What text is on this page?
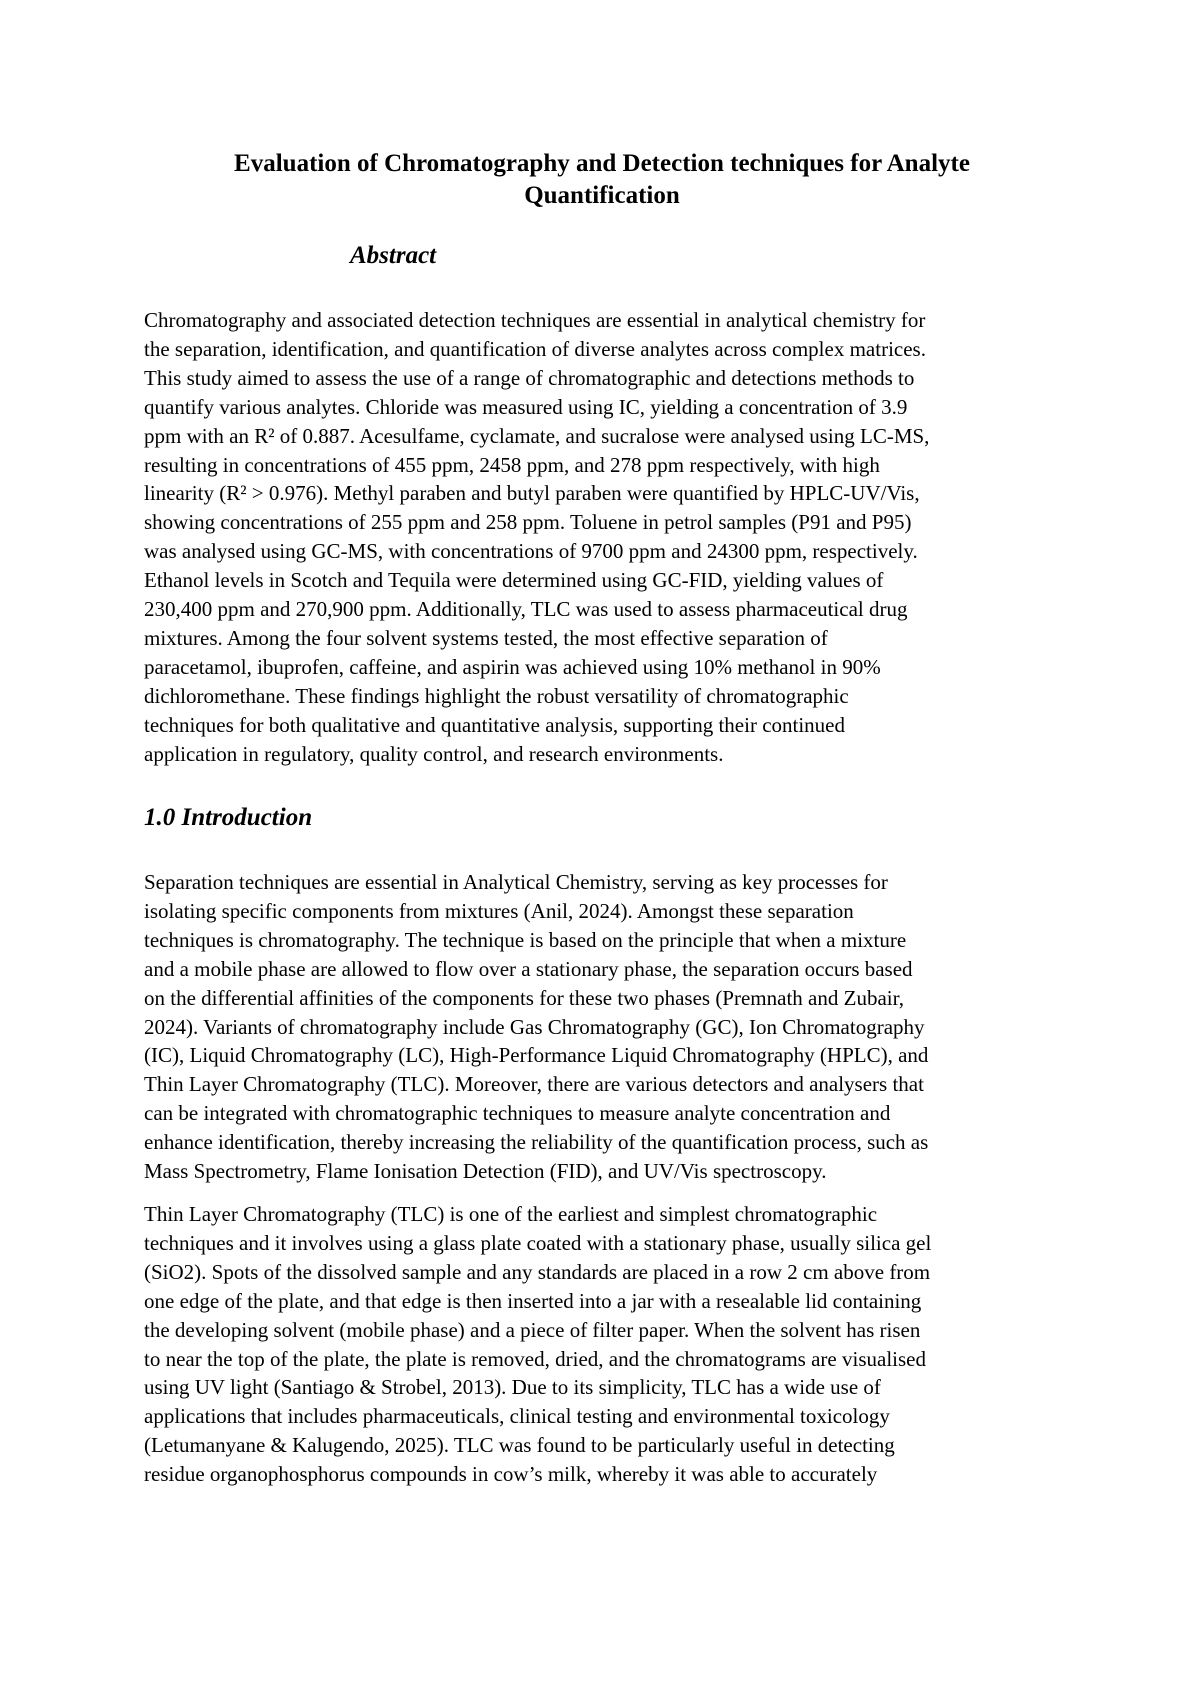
Evaluation of Chromatography and Detection techniques for Analyte
Quantification
Abstract

Chromatography and associated detection techniques are essential in analytical chemistry for
the separation, identification, and quantification of diverse analytes across complex matrices.
This study aimed to assess the use of a range of chromatographic and detections methods to
quantify various analytes. Chloride was measured using IC, yielding a concentration of 3.9
ppm with an R² of 0.887. Acesulfame, cyclamate, and sucralose were analysed using LC-MS,
resulting in concentrations of 455 ppm, 2458 ppm, and 278 ppm respectively, with high
linearity (R² > 0.976). Methyl paraben and butyl paraben were quantified by HPLC-UV/Vis,
showing concentrations of 255 ppm and 258 ppm. Toluene in petrol samples (P91 and P95)
was analysed using GC-MS, with concentrations of 9700 ppm and 24300 ppm, respectively.
Ethanol levels in Scotch and Tequila were determined using GC-FID, yielding values of
230,400 ppm and 270,900 ppm. Additionally, TLC was used to assess pharmaceutical drug
mixtures. Among the four solvent systems tested, the most effective separation of
paracetamol, ibuprofen, caffeine, and aspirin was achieved using 10% methanol in 90%
dichloromethane. These findings highlight the robust versatility of chromatographic
techniques for both qualitative and quantitative analysis, supporting their continued
application in regulatory, quality control, and research environments.

1.0 Introduction

Separation techniques are essential in Analytical Chemistry, serving as key processes for
isolating specific components from mixtures (Anil, 2024). Amongst these separation
techniques is chromatography. The technique is based on the principle that when a mixture
and a mobile phase are allowed to flow over a stationary phase, the separation occurs based
on the differential affinities of the components for these two phases (Premnath and Zubair,
2024). Variants of chromatography include Gas Chromatography (GC), Ion Chromatography
(IC), Liquid Chromatography (LC), High-Performance Liquid Chromatography (HPLC), and
Thin Layer Chromatography (TLC). Moreover, there are various detectors and analysers that
can be integrated with chromatographic techniques to measure analyte concentration and
enhance identification, thereby increasing the reliability of the quantification process, such as
Mass Spectrometry, Flame Ionisation Detection (FID), and UV/Vis spectroscopy.

Thin Layer Chromatography (TLC) is one of the earliest and simplest chromatographic
techniques and it involves using a glass plate coated with a stationary phase, usually silica gel
(SiO2). Spots of the dissolved sample and any standards are placed in a row 2 cm above from
one edge of the plate, and that edge is then inserted into a jar with a resealable lid containing
the developing solvent (mobile phase) and a piece of filter paper. When the solvent has risen
to near the top of the plate, the plate is removed, dried, and the chromatograms are visualised
using UV light (Santiago & Strobel, 2013). Due to its simplicity, TLC has a wide use of
applications that includes pharmaceuticals, clinical testing and environmental toxicology
(Letumanyane & Kalugendo, 2025). TLC was found to be particularly useful in detecting
residue organophosphorus compounds in cow’s milk, whereby it was able to accurately
